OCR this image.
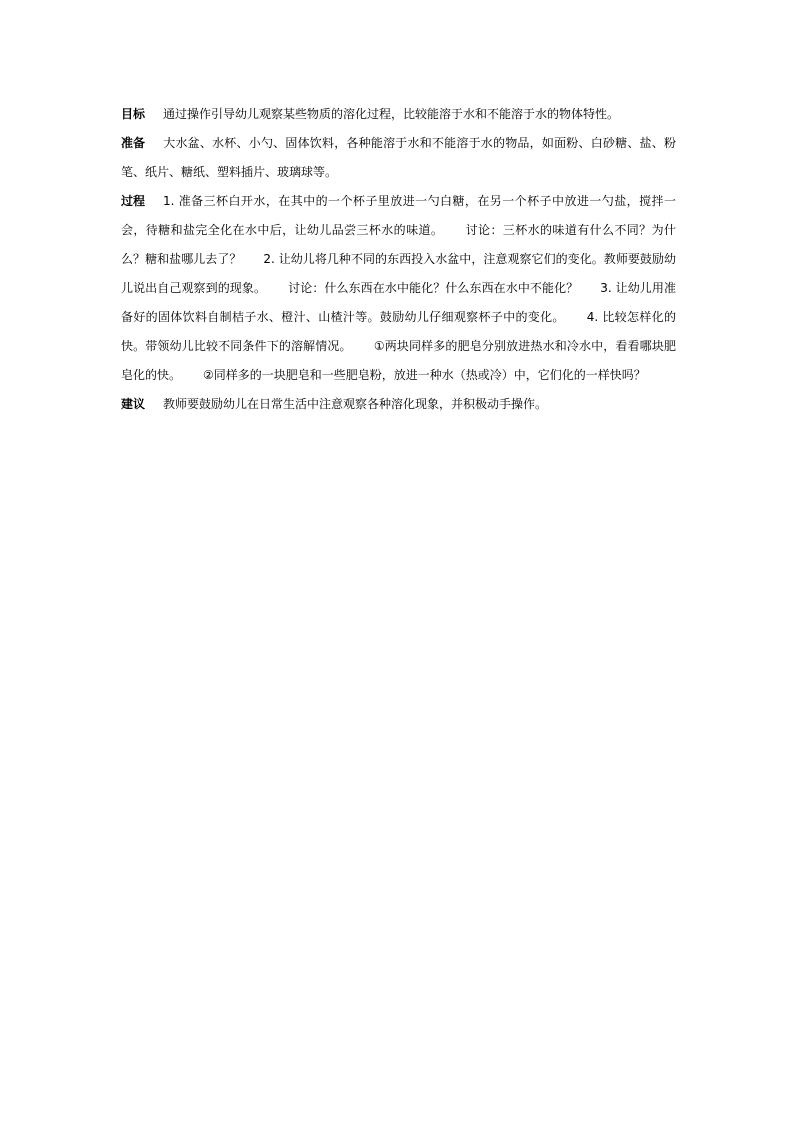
目标 通过操作引导幼儿观察某些物质的溶化过程，比较能溶于水和不能溶于水的物体特性。

准备 大水盆、水杯、小勺、固体饮料，各种能溶于水和不能溶于水的物品，如面粉、白砂糖、盐、粉笔、纸片、糖纸、塑料插片、玻璃球等。

过程 1. 准备三杯白开水，在其中的一个杯子里放进一勺白糖，在另一个杯子中放进一勺盐，搅拌一会，待糖和盐完全化在水中后，让幼儿品尝三杯水的味道。 讨论：三杯水的味道有什么不同？为什么？糖和盐哪儿去了？ 2. 让幼儿将几种不同的东西投入水盆中，注意观察它们的变化。教师要鼓励幼儿说出自己观察到的现象。 讨论：什么东西在水中能化？什么东西在水中不能化？ 3. 让幼儿用准备好的固体饮料自制桔子水、橙汁、山楂汁等。鼓励幼儿仔细观察杯子中的变化。 4. 比较怎样化的快。带领幼儿比较不同条件下的溶解情况。 ①两块同样多的肥皂分别放进热水和冷水中，看看哪块肥皂化的快。 ②同样多的一块肥皂和一些肥皂粉，放进一种水（热或冷）中，它们化的一样快吗？

建议 教师要鼓励幼儿在日常生活中注意观察各种溶化现象，并积极动手操作。
